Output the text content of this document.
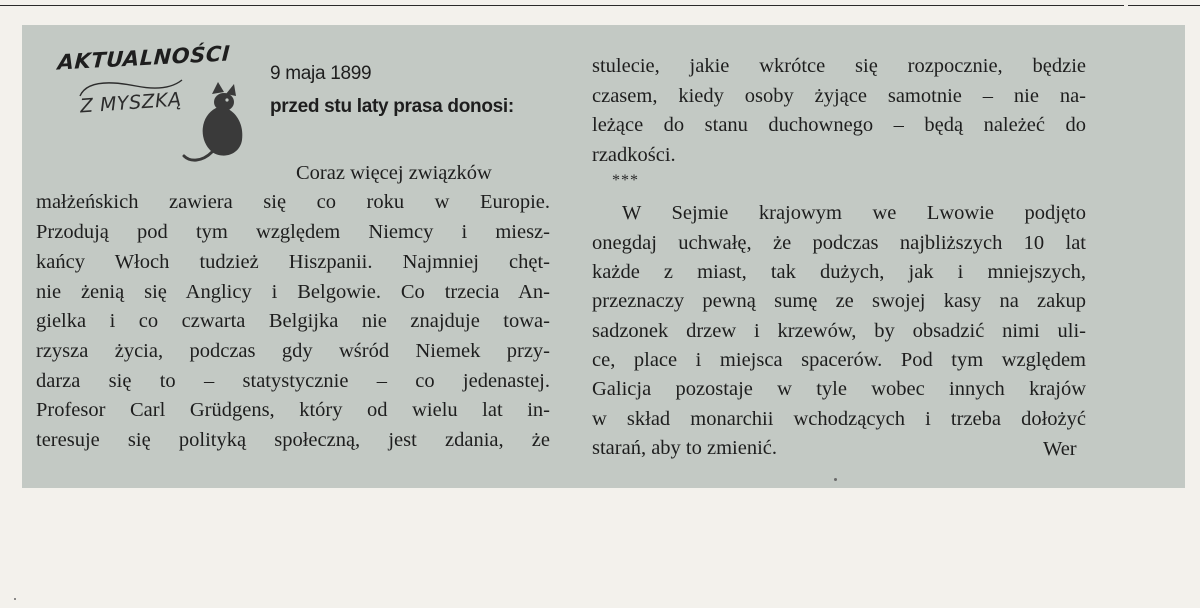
AKTUALNOŚCI
Z MYSZKĄ
9 maja 1899
przed stu laty prasa donosi:
Coraz więcej związków
małżeńskich zawiera się co roku w Europie.
Przodują pod tym względem Niemcy i miesz-
kańcy Włoch tudzież Hiszpanii. Najmniej chęt-
nie żenią się Anglicy i Belgowie. Co trzecia An-
gielka i co czwarta Belgijka nie znajduje towa-
rzysza życia, podczas gdy wśród Niemek przy-
darza się to – statystycznie – co jedenastej.
Profesor Carl Grüdgens, który od wielu lat in-
teresuje się polityką społeczną, jest zdania, że
stulecie, jakie wkrótce się rozpocznie, będzie
czasem, kiedy osoby żyjące samotnie – nie na-
leżące do stanu duchownego – będą należeć do
rzadkości.
W Sejmie krajowym we Lwowie podjęto
onegdaj uchwałę, że podczas najbliższych 10 lat
każde z miast, tak dużych, jak i mniejszych,
przeznaczy pewną sumę ze swojej kasy na zakup
sadzonek drzew i krzewów, by obsadzić nimi uli-
ce, place i miejsca spacerów. Pod tym względem
Galicja pozostaje w tyle wobec innych krajów
w skład monarchii wchodzących i trzeba dołożyć
starań, aby to zmienić.
***
Wer
